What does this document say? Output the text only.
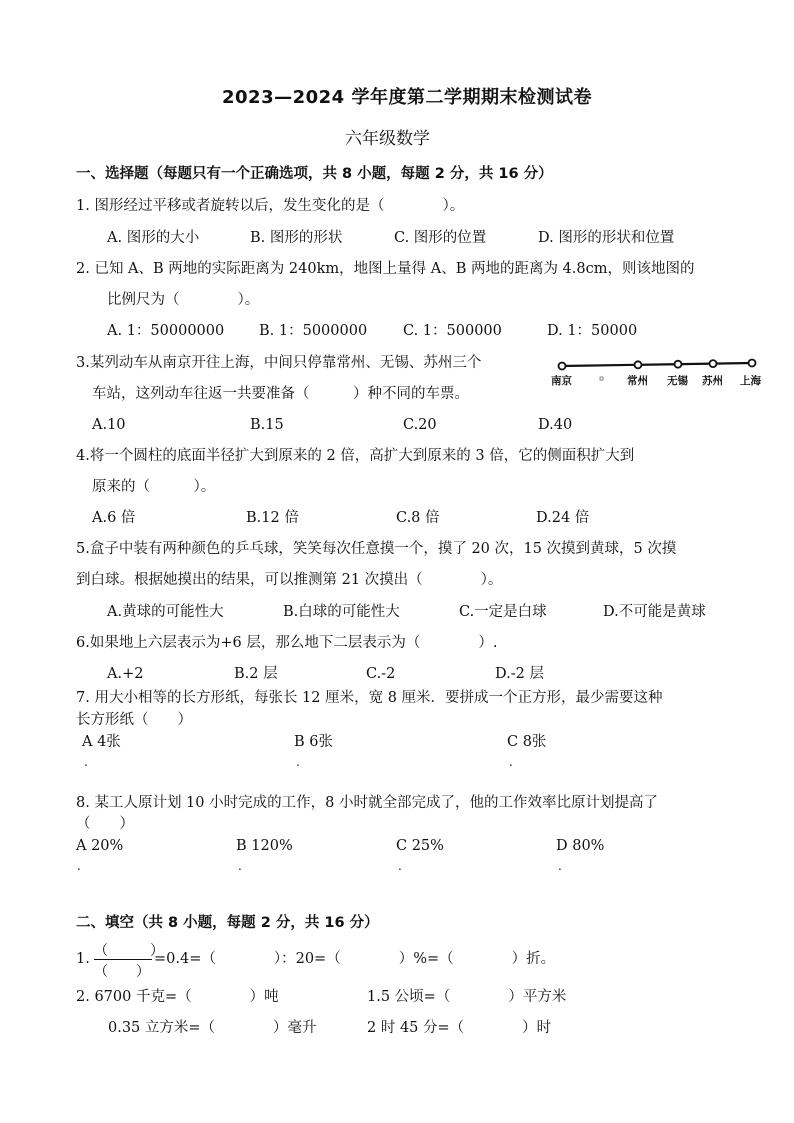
2023—2024 学年度第二学期期末检测试卷
六年级数学
一、选择题（每题只有一个正确选项，共 8 小题，每题 2 分，共 16 分）
1. 图形经过平移或者旋转以后，发生变化的是（　　　　）。
A. 图形的大小	B. 图形的形状	C. 图形的位置	D. 图形的形状和位置
2. 已知 A、B 两地的实际距离为 240km，地图上量得 A、B 两地的距离为 4.8cm，则该地图的
比例尺为（　　　　）。
A. 1：50000000 B. 1：5000000 C. 1：500000	D. 1：50000
3.某列动车从南京开往上海，中间只停靠常州、无锡、苏州三个
车站，这列动车往返一共要准备（　　　）种不同的车票。
南京	常州 无锡 苏州 上海
A.10	B.15	C.20	D.40
4.将一个圆柱的底面半径扩大到原来的 2 倍，高扩大到原来的 3 倍，它的侧面积扩大到
原来的（　　　）。
A.6 倍	B.12 倍	C.8 倍	D.24 倍
5.盒子中装有两种颜色的乒乓球，笑笑每次任意摸一个，摸了 20 次，15 次摸到黄球，5 次摸
到白球。根据她摸出的结果，可以推测第 21 次摸出（　　　　）。
A.黄球的可能性大	B.白球的可能性大	C.一定是白球	D.不可能是黄球
6.如果地上六层表示为+6 层，那么地下二层表示为（　　　　）.
A.+2	B.2 层	C.-2	D.-2 层
7. 用大小相等的长方形纸，每张长 12 厘米，宽 8 厘米．要拼成一个正方形，最少需要这种
长方形纸（　　）
A 4张	B 6张	C 8张
.	.	.
8. 某工人原计划 10 小时完成的工作，8 小时就全部完成了，他的工作效率比原计划提高了
（　　）
A 20%	B 120%	C 25%	D 80%
.	.	.	.
二、填空（共 8 小题，每题 2 分，共 16 分）
1. （　　　）
（　　）
=0.4=（　　　　）：20=（　　　　）%=（　　　　）折。
2. 6700 千克=（　　　　）吨	1.5 公顷=（　　　　）平方米
0.35 立方米=（　　　　）毫升	2 时 45 分=（　　　　）时
